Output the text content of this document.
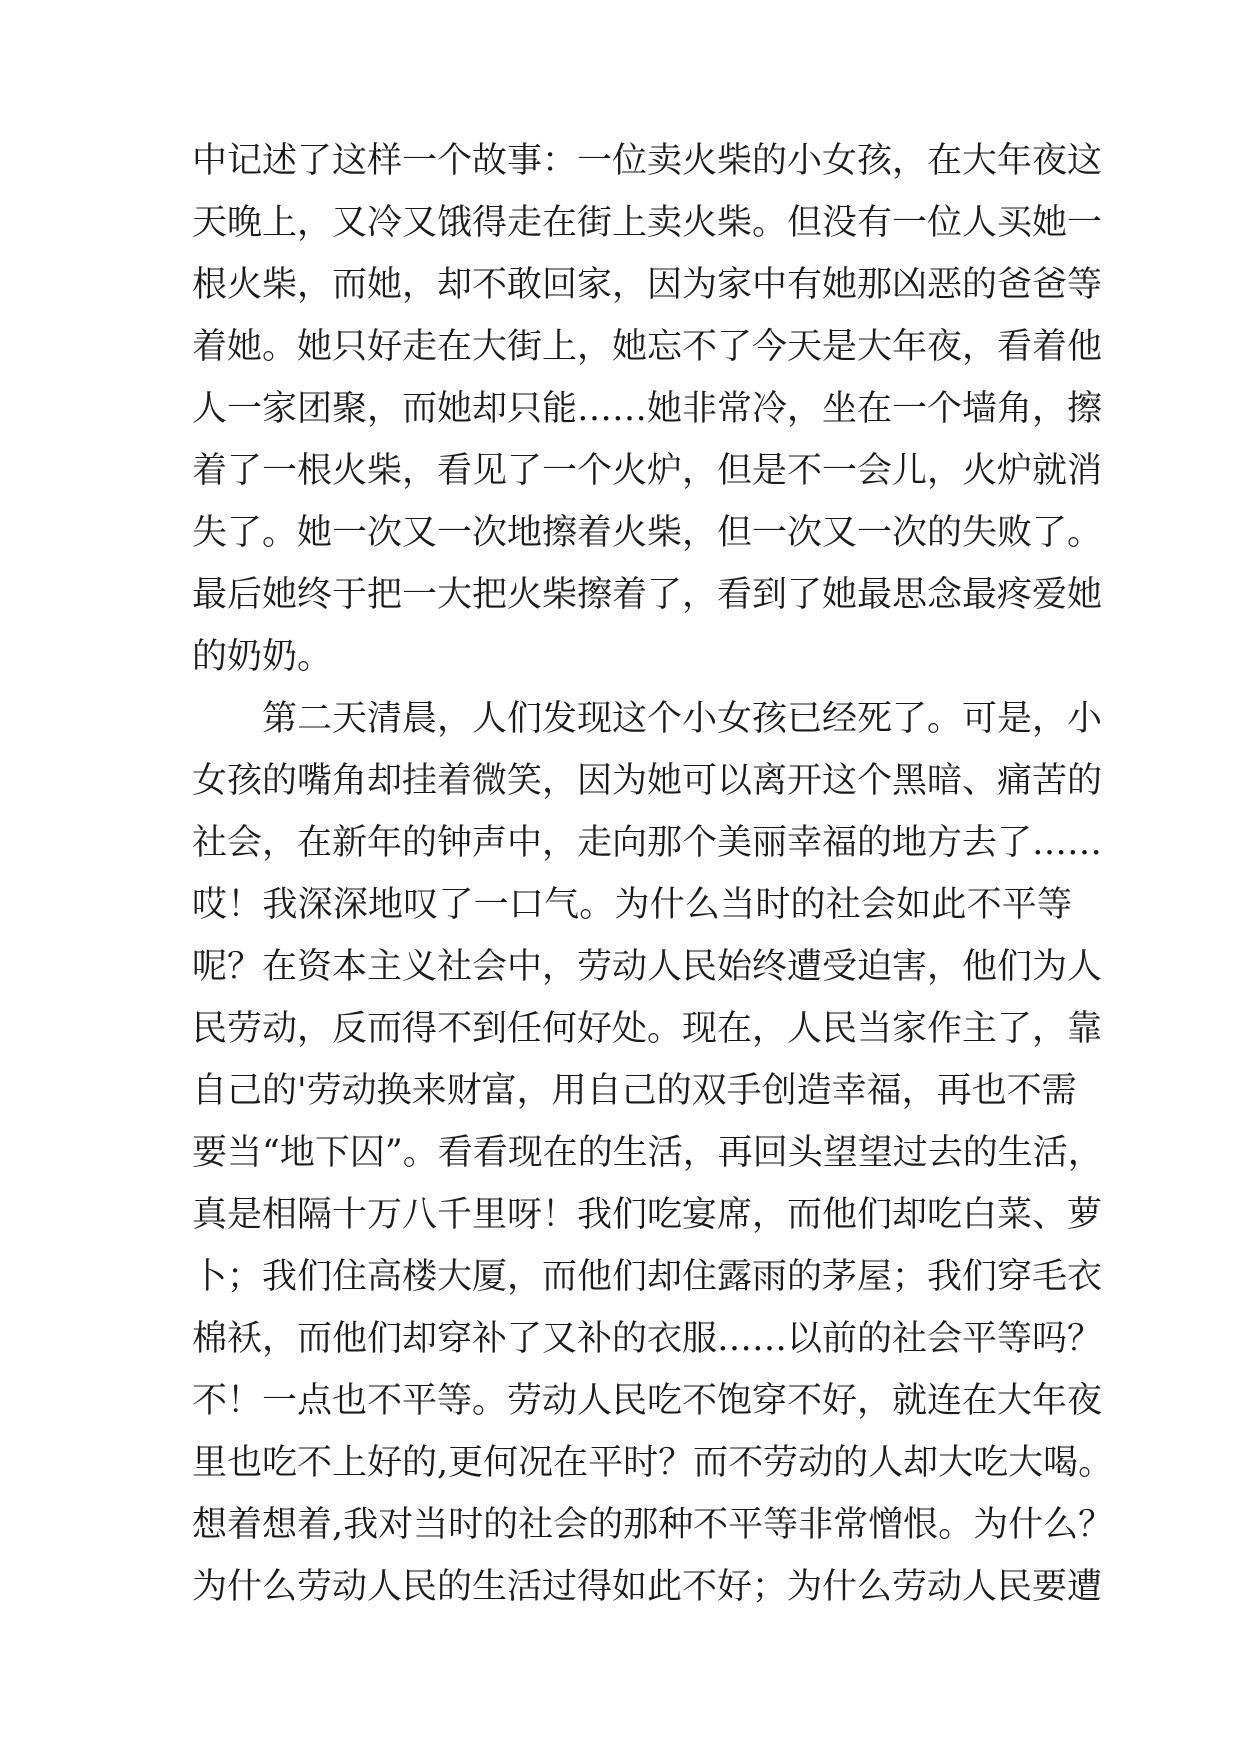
中记述了这样一个故事：一位卖火柴的小女孩，在大年夜这
天晚上，又冷又饿得走在街上卖火柴。但没有一位人买她一
根火柴，而她，却不敢回家，因为家中有她那凶恶的爸爸等
着她。她只好走在大街上，她忘不了今天是大年夜，看着他
人一家团聚，而她却只能……她非常冷，坐在一个墙角，擦
着了一根火柴，看见了一个火炉，但是不一会儿，火炉就消
失了。她一次又一次地擦着火柴，但一次又一次的失败了。
最后她终于把一大把火柴擦着了，看到了她最思念最疼爱她
的奶奶。
第二天清晨，人们发现这个小女孩已经死了。可是，小
女孩的嘴角却挂着微笑，因为她可以离开这个黑暗、痛苦的
社会，在新年的钟声中，走向那个美丽幸福的地方去了……
哎！我深深地叹了一口气。为什么当时的社会如此不平等
呢？在资本主义社会中，劳动人民始终遭受迫害，他们为人
民劳动，反而得不到任何好处。现在，人民当家作主了，靠
自己的'劳动换来财富，用自己的双手创造幸福，再也不需
要当“地下囚”。看看现在的生活，再回头望望过去的生活，
真是相隔十万八千里呀！我们吃宴席，而他们却吃白菜、萝
卜；我们住高楼大厦，而他们却住露雨的茅屋；我们穿毛衣
棉袄，而他们却穿补了又补的衣服……以前的社会平等吗？
不！一点也不平等。劳动人民吃不饱穿不好，就连在大年夜
里也吃不上好的,更何况在平时？而不劳动的人却大吃大喝。
想着想着,我对当时的社会的那种不平等非常憎恨。为什么？
为什么劳动人民的生活过得如此不好；为什么劳动人民要遭
